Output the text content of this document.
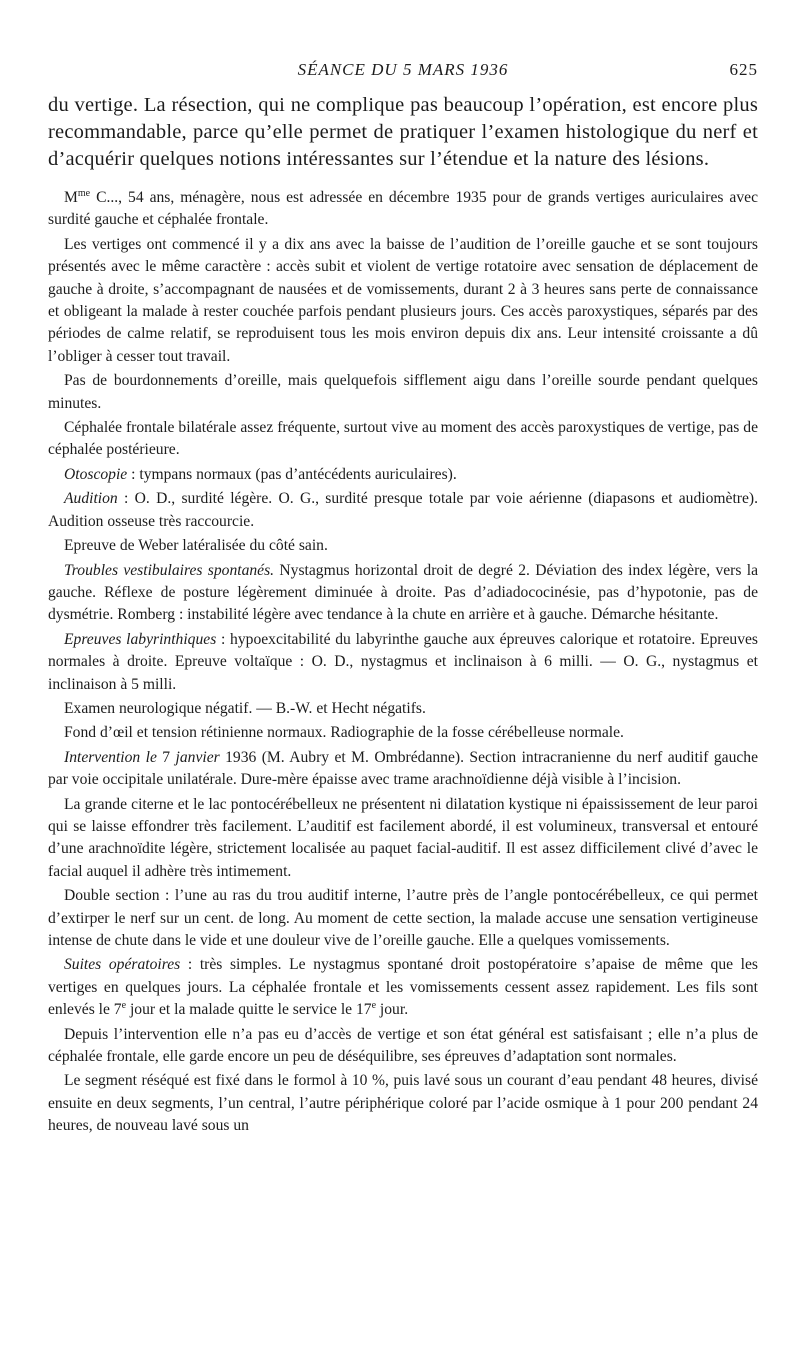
SÉANCE DU 5 MARS 1936	625

du vertige. La résection, qui ne complique pas beaucoup l’opération, est encore plus recommandable, parce qu’elle permet de pratiquer l’examen histologique du nerf et d’acquérir quelques notions intéressantes sur l’étendue et la nature des lésions.

$M^{me}$ C..., 54 ans, ménagère, nous est adressée en décembre 1935 pour de grands vertiges auriculaires avec surdité gauche et céphalée frontale.

Les vertiges ont commencé il y a dix ans avec la baisse de l’audition de l’oreille gauche et se sont toujours présentés avec le même caractère : accès subit et violent de vertige rotatoire avec sensation de déplacement de gauche à droite, s’accompagnant de nausées et de vomissements, durant 2 à 3 heures sans perte de connaissance et obligeant la malade à rester couchée parfois pendant plusieurs jours. Ces accès paroxystiques, séparés par des périodes de calme relatif, se reproduisent tous les mois environ depuis dix ans. Leur intensité croissante a dû l’obliger à cesser tout travail.

Pas de bourdonnements d’oreille, mais quelquefois sifflement aigu dans l’oreille sourde pendant quelques minutes.

Céphalée frontale bilatérale assez fréquente, surtout vive au moment des accès paroxystiques de vertige, pas de céphalée postérieure.

Otoscopie : tympans normaux (pas d’antécédents auriculaires).

Audition : O. D., surdité légère. O. G., surdité presque totale par voie aérienne (diapasons et audiomètre). Audition osseuse très raccourcie.

Epreuve de Weber latéralisée du côté sain.

Troubles vestibulaires spontanés. Nystagmus horizontal droit de degré 2. Déviation des index légère, vers la gauche. Réflexe de posture légèrement diminuée à droite. Pas d’adiadococinésie, pas d’hypotonie, pas de dysmétrie. Romberg : instabilité légère avec tendance à la chute en arrière et à gauche. Démarche hésitante.

Epreuves labyrinthiques : hypoexcitabilité du labyrinthe gauche aux épreuves calorique et rotatoire. Epreuves normales à droite. Epreuve voltaïque : O. D., nystagmus et inclinaison à 6 milli. — O. G., nystagmus et inclinaison à 5 milli.

Examen neurologique négatif. — B.-W. et Hecht négatifs.

Fond d’œil et tension rétinienne normaux. Radiographie de la fosse cérébelleuse normale.

Intervention le 7 janvier 1936 (M. Aubry et M. Ombrédanne). Section intracranienne du nerf auditif gauche par voie occipitale unilatérale. Dure-mère épaisse avec trame arachnoïdienne déjà visible à l’incision.

La grande citerne et le lac pontocérébelleux ne présentent ni dilatation kystique ni épaississement de leur paroi qui se laisse effondrer très facilement. L’auditif est facilement abordé, il est volumineux, transversal et entouré d’une arachnoïdite légère, strictement localisée au paquet facial-auditif. Il est assez difficilement clivé d’avec le facial auquel il adhère très intimement.

Double section : l’une au ras du trou auditif interne, l’autre près de l’angle pontocérébelleux, ce qui permet d’extirper le nerf sur un cent. de long. Au moment de cette section, la malade accuse une sensation vertigineuse intense de chute dans le vide et une douleur vive de l’oreille gauche. Elle a quelques vomissements.

Suites opératoires : très simples. Le nystagmus spontané droit postopératoire s’apaise de même que les vertiges en quelques jours. La céphalée frontale et les vomissements cessent assez rapidement. Les fils sont enlevés le 7e jour et la malade quitte le service le 17e jour.

Depuis l’intervention elle n’a pas eu d’accès de vertige et son état général est satisfaisant ; elle n’a plus de céphalée frontale, elle garde encore un peu de déséquilibre, ses épreuves d’adaptation sont normales.

Le segment réséqué est fixé dans le formol à 10 %, puis lavé sous un courant d’eau pendant 48 heures, divisé ensuite en deux segments, l’un central, l’autre périphérique coloré par l’acide osmique à 1 pour 200 pendant 24 heures, de nouveau lavé sous un
